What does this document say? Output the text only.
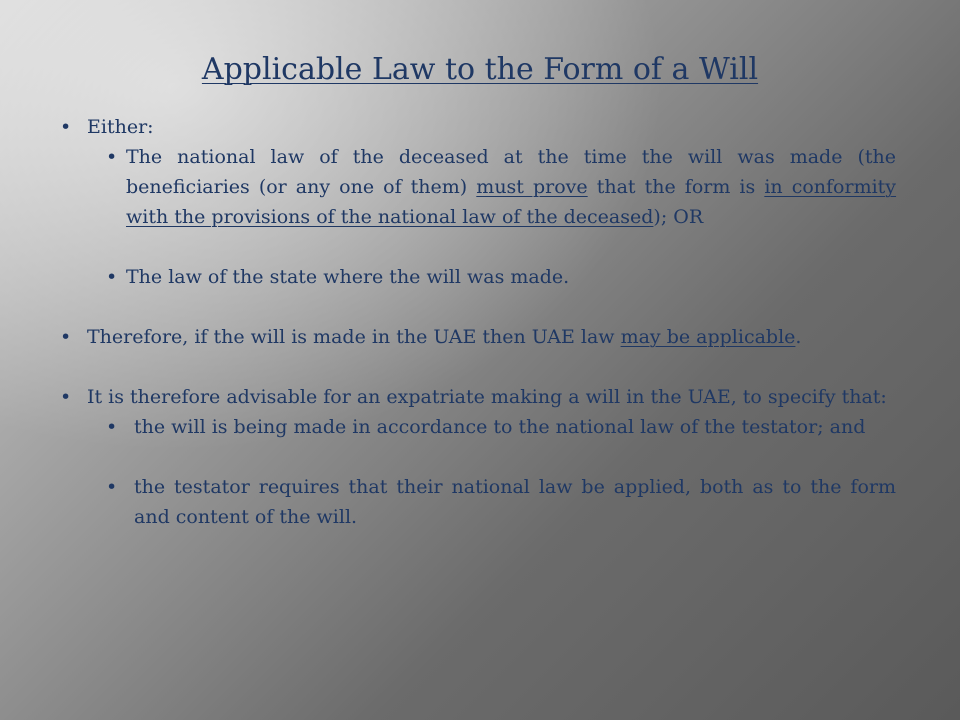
Applicable Law to the Form of a Will
• Either:
• The national law of the deceased at the time the will was made (the beneficiaries (or any one of them) must prove that the form is in conformity with the provisions of the national law of the deceased); OR
• The law of the state where the will was made.
• Therefore, if the will is made in the UAE then UAE law may be applicable.
• It is therefore advisable for an expatriate making a will in the UAE, to specify that:
• the will is being made in accordance to the national law of the testator; and
• the testator requires that their national law be applied, both as to the form and content of the will.
